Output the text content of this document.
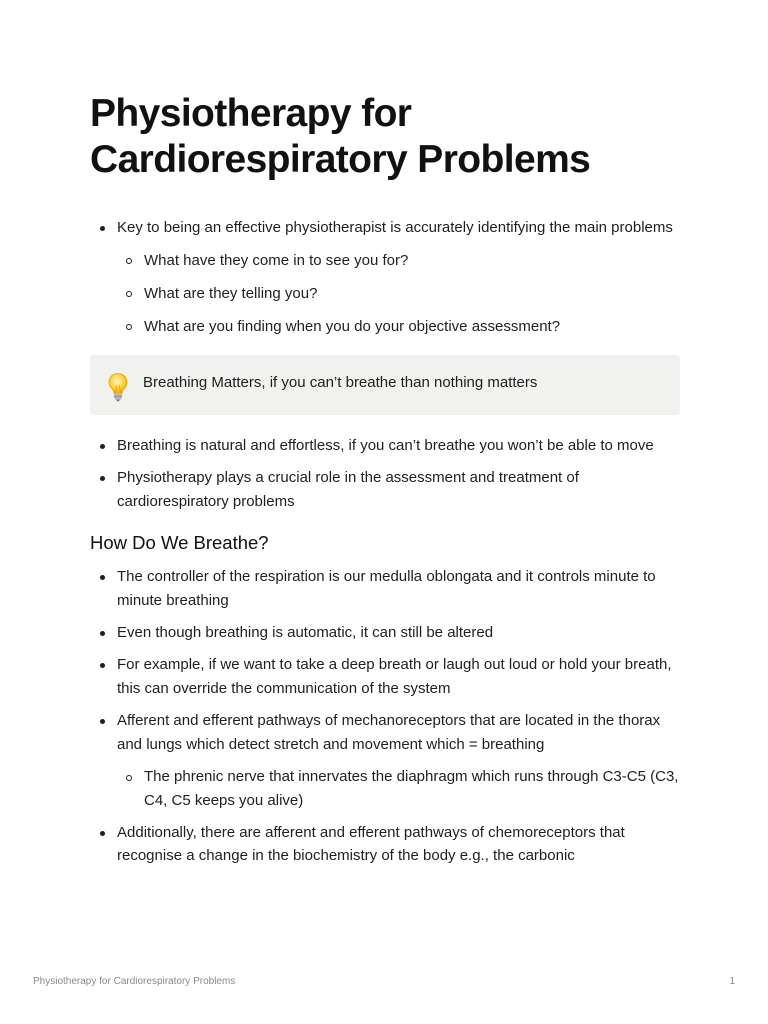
Physiotherapy for
Cardiorespiratory Problems
Key to being an effective physiotherapist is accurately identifying the main problems
What have they come in to see you for?
What are they telling you?
What are you finding when you do your objective assessment?
Breathing Matters, if you can’t breathe than nothing matters
Breathing is natural and effortless, if you can’t breathe you won’t be able to move
Physiotherapy plays a crucial role in the assessment and treatment of cardiorespiratory problems
How Do We Breathe?
The controller of the respiration is our medulla oblongata and it controls minute to minute breathing
Even though breathing is automatic, it can still be altered
For example, if we want to take a deep breath or laugh out loud or hold your breath, this can override the communication of the system
Afferent and efferent pathways of mechanoreceptors that are located in the thorax and lungs which detect stretch and movement which = breathing
The phrenic nerve that innervates the diaphragm which runs through C3-C5 (C3, C4, C5 keeps you alive)
Additionally, there are afferent and efferent pathways of chemoreceptors that recognise a change in the biochemistry of the body e.g., the carbonic
Physiotherapy for Cardiorespiratory Problems	1
